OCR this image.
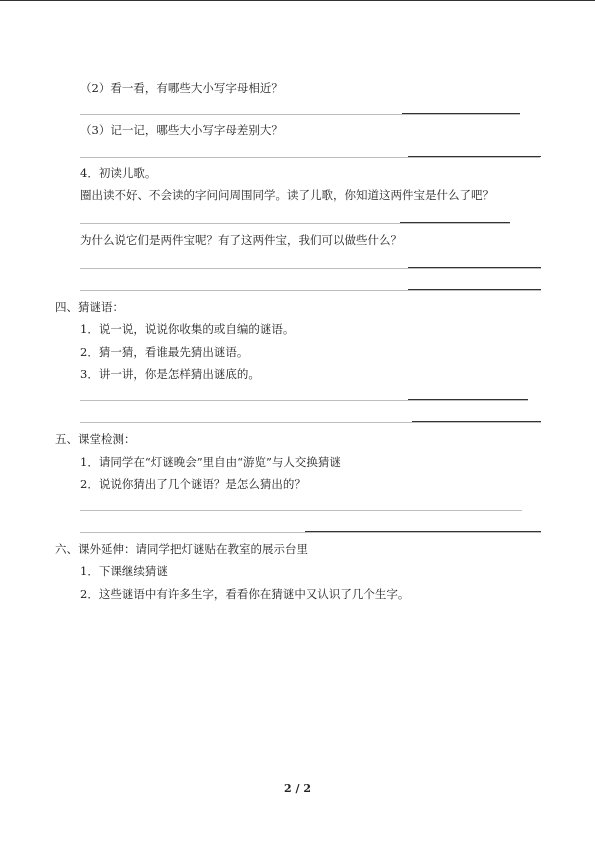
（2）看一看，有哪些大小写字母相近？
（3）记一记，哪些大小写字母差别大？
4．初读儿歌。
圈出读不好、不会读的字问问周围同学。读了儿歌，你知道这两件宝是什么了吧？
为什么说它们是两件宝呢？有了这两件宝，我们可以做些什么？
四、猜谜语：
1．说一说，说说你收集的或自编的谜语。
2．猜一猜，看谁最先猜出谜语。
3．讲一讲，你是怎样猜出谜底的。
五、课堂检测：
1．请同学在“灯谜晚会”里自由“游览”与人交换猜谜
2．说说你猜出了几个谜语？是怎么猜出的？
六、课外延伸：请同学把灯谜贴在教室的展示台里
1．下课继续猜谜
2．这些谜语中有许多生字，看看你在猜谜中又认识了几个生字。
2 / 2
